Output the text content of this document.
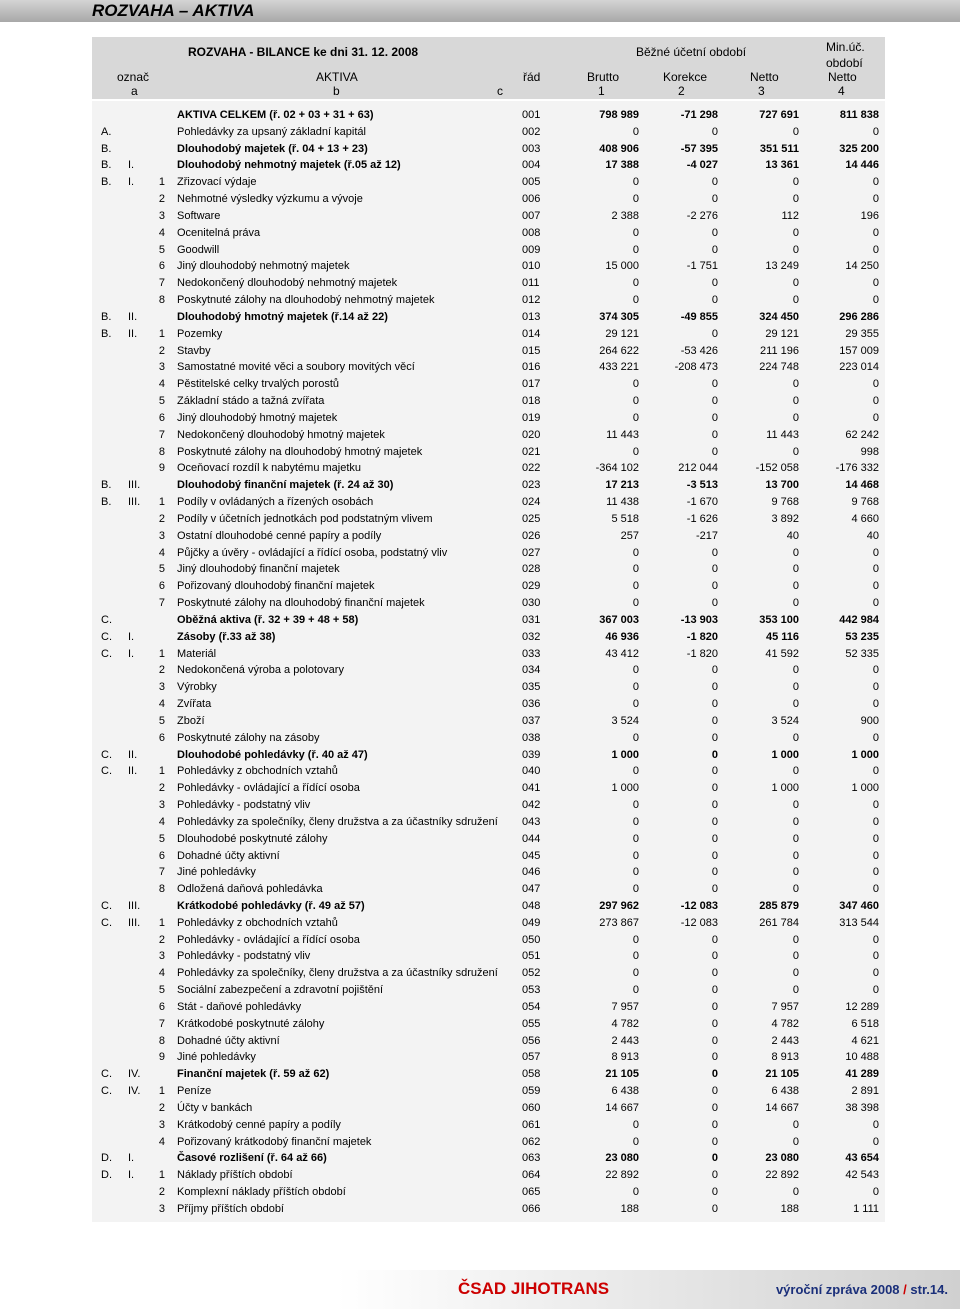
ROZVAHA – AKTIVA
ROZVAHA - BILANCE ke dni 31. 12. 2008	Běžné účetní období	Min.úč.
období
označ	AKTIVA	řád	Brutto	Korekce	Netto	Netto
a	b	c	1	2	3	4
AKTIVA CELKEM (ř. 02 + 03 + 31 + 63)	001	798 989	-71 298	727 691	811 838
A.	Pohledávky za upsaný základní kapitál	002	0	0	0	0
B.	Dlouhodobý majetek (ř. 04 + 13 + 23)	003	408 906	-57 395	351 511	325 200
B. I.	Dlouhodobý nehmotný majetek (ř.05 až 12)	004	17 388	-4 027	13 361	14 446
B. I.	1 Zřizovací výdaje	005	0	0	0	0
2 Nehmotné výsledky výzkumu a vývoje	006	0	0	0	0
3 Software	007	2 388	-2 276	112	196
4 Ocenitelná práva	008	0	0	0	0
5 Goodwill	009	0	0	0	0
6 Jiný dlouhodobý nehmotný majetek	010	15 000	-1 751	13 249	14 250
7 Nedokončený dlouhodobý nehmotný majetek	011	0	0	0	0
8 Poskytnuté zálohy na dlouhodobý nehmotný majetek	012	0	0	0	0
B. II.	Dlouhodobý hmotný majetek (ř.14 až 22)	013	374 305	-49 855	324 450	296 286
B. II.	1 Pozemky	014	29 121	0	29 121	29 355
2 Stavby	015	264 622	-53 426	211 196	157 009
3 Samostatné movité věci a soubory movitých věcí	016	433 221	-208 473	224 748	223 014
4 Pěstitelské celky trvalých porostů	017	0	0	0	0
5 Základní stádo a tažná zvířata	018	0	0	0	0
6 Jiný dlouhodobý hmotný majetek	019	0	0	0	0
7 Nedokončený dlouhodobý hmotný majetek	020	11 443	0	11 443	62 242
8 Poskytnuté zálohy na dlouhodobý hmotný majetek	021	0	0	0	998
9 Oceňovací rozdíl k nabytému majetku	022	-364 102	212 044	-152 058	-176 332
B. III.	Dlouhodobý finanční majetek (ř. 24 až 30)	023	17 213	-3 513	13 700	14 468
B. III.	1 Podíly v ovládaných a řízených osobách	024	11 438	-1 670	9 768	9 768
2 Podíly v účetních jednotkách pod podstatným vlivem	025	5 518	-1 626	3 892	4 660
3 Ostatní dlouhodobé cenné papíry a podíly	026	257	-217	40	40
4 Půjčky a úvěry - ovládající a řídící osoba, podstatný vliv	027	0	0	0	0
5 Jiný dlouhodobý finanční majetek	028	0	0	0	0
6 Pořizovaný dlouhodobý finanční majetek	029	0	0	0	0
7 Poskytnuté zálohy na dlouhodobý finanční majetek	030	0	0	0	0
C.	Oběžná aktiva (ř. 32 + 39 + 48 + 58)	031	367 003	-13 903	353 100	442 984
C. I.	Zásoby (ř.33 až 38)	032	46 936	-1 820	45 116	53 235
C. I.	1 Materiál	033	43 412	-1 820	41 592	52 335
2 Nedokončená výroba a polotovary	034	0	0	0	0
3 Výrobky	035	0	0	0	0
4 Zvířata	036	0	0	0	0
5 Zboží	037	3 524	0	3 524	900
6 Poskytnuté zálohy na zásoby	038	0	0	0	0
C. II.	Dlouhodobé pohledávky (ř. 40 až 47)	039	1 000	0	1 000	1 000
C. II.	1 Pohledávky z obchodních vztahů	040	0	0	0	0
2 Pohledávky - ovládající a řídící osoba	041	1 000	0	1 000	1 000
3 Pohledávky - podstatný vliv	042	0	0	0	0
4 Pohledávky za společníky, členy družstva a za účastníky sdružení 043	0	0	0	0
5 Dlouhodobé poskytnuté zálohy	044	0	0	0	0
6 Dohadné účty aktivní	045	0	0	0	0
7 Jiné pohledávky	046	0	0	0	0
8 Odložená daňová pohledávka	047	0	0	0	0
C. III.	Krátkodobé pohledávky (ř. 49 až 57)	048	297 962	-12 083	285 879	347 460
C. III.	1 Pohledávky z obchodních vztahů	049	273 867	-12 083	261 784	313 544
2 Pohledávky - ovládající a řídící osoba	050	0	0	0	0
3 Pohledávky - podstatný vliv	051	0	0	0	0
4 Pohledávky za společníky, členy družstva a za účastníky sdružení 052	0	0	0	0
5 Sociální zabezpečení a zdravotní pojištění	053	0	0	0	0
6 Stát - daňové pohledávky	054	7 957	0	7 957	12 289
7 Krátkodobé poskytnuté zálohy	055	4 782	0	4 782	6 518
8 Dohadné účty aktivní	056	2 443	0	2 443	4 621
9 Jiné pohledávky	057	8 913	0	8 913	10 488
C. IV.	Finanční majetek (ř. 59 až 62)	058	21 105	0	21 105	41 289
C. IV.	1 Peníze	059	6 438	0	6 438	2 891
2 Účty v bankách	060	14 667	0	14 667	38 398
3 Krátkodobý cenné papíry a podíly	061	0	0	0	0
4 Pořizovaný krátkodobý finanční majetek	062	0	0	0	0
D. I.	Časové rozlišení (ř. 64 až 66)	063	23 080	0	23 080	43 654
D. I.	1 Náklady příštích období	064	22 892	0	22 892	42 543
2 Komplexní náklady příštích období	065	0	0	0	0
3 Příjmy příštích období	066	188	0	188	1 111
ČSAD JIHOTRANS	výroční zpráva 2008 / str.14.
